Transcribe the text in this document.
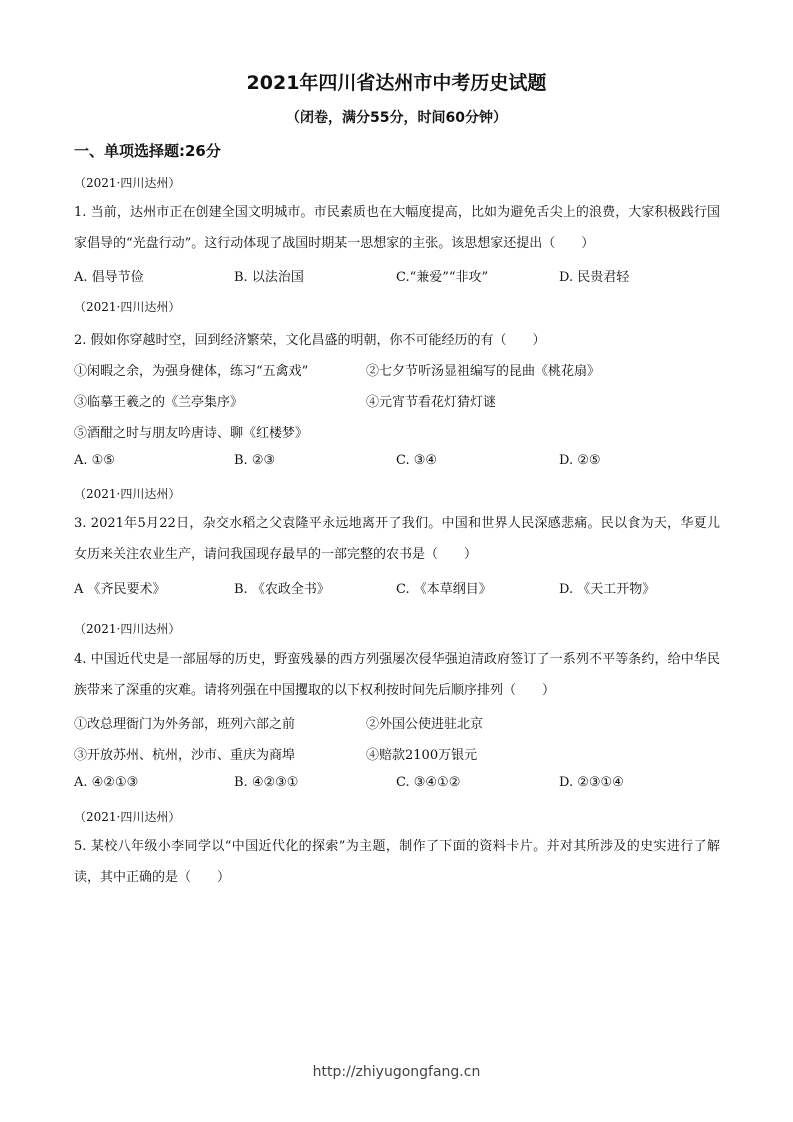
2021年四川省达州市中考历史试题
（闭卷，满分55分，时间60分钟）
一、单项选择题:26分
（2021·四川达州）
1. 当前，达州市正在创建全国文明城市。市民素质也在大幅度提高，比如为避免舌尖上的浪费，大家积极践行国家倡导的“光盘行动”。这行动体现了战国时期某一思想家的主张。该思想家还提出（　　）
A. 倡导节俭	B. 以法治国	C.“兼爱”“非攻”	D. 民贵君轻
（2021·四川达州）
2. 假如你穿越时空，回到经济繁荣，文化昌盛的明朝，你不可能经历的有（　　）
①闲暇之余，为强身健体，练习“五禽戏”	②七夕节听汤显祖编写的昆曲《桃花扇》
③临摹王羲之的《兰亭集序》	④元宵节看花灯猜灯谜
⑤酒酣之时与朋友吟唐诗、聊《红楼梦》
A. ①⑤	B. ②③	C. ③④	D. ②⑤
（2021·四川达州）
3. 2021年5月22日，杂交水稻之父袁隆平永远地离开了我们。中国和世界人民深感悲痛。民以食为天，华夏儿女历来关注农业生产，请问我国现存最早的一部完整的农书是（　　）
A 《齐民要术》	B. 《农政全书》	C. 《本草纲目》	D. 《天工开物》
（2021·四川达州）
4. 中国近代史是一部屈辱的历史，野蛮残暴的西方列强屡次侵华强迫清政府签订了一系列不平等条约，给中华民族带来了深重的灾难。请将列强在中国攫取的以下权利按时间先后顺序排列（　　）
①改总理衙门为外务部，班列六部之前	②外国公使进驻北京
③开放苏州、杭州，沙市、重庆为商埠	④赔款2100万银元
A. ④②①③	B. ④②③①	C. ③④①②	D. ②③①④
（2021·四川达州）
5. 某校八年级小李同学以“中国近代化的探索”为主题，制作了下面的资料卡片。并对其所涉及的史实进行了解读，其中正确的是（　　）
http://zhiyugongfang.cn
